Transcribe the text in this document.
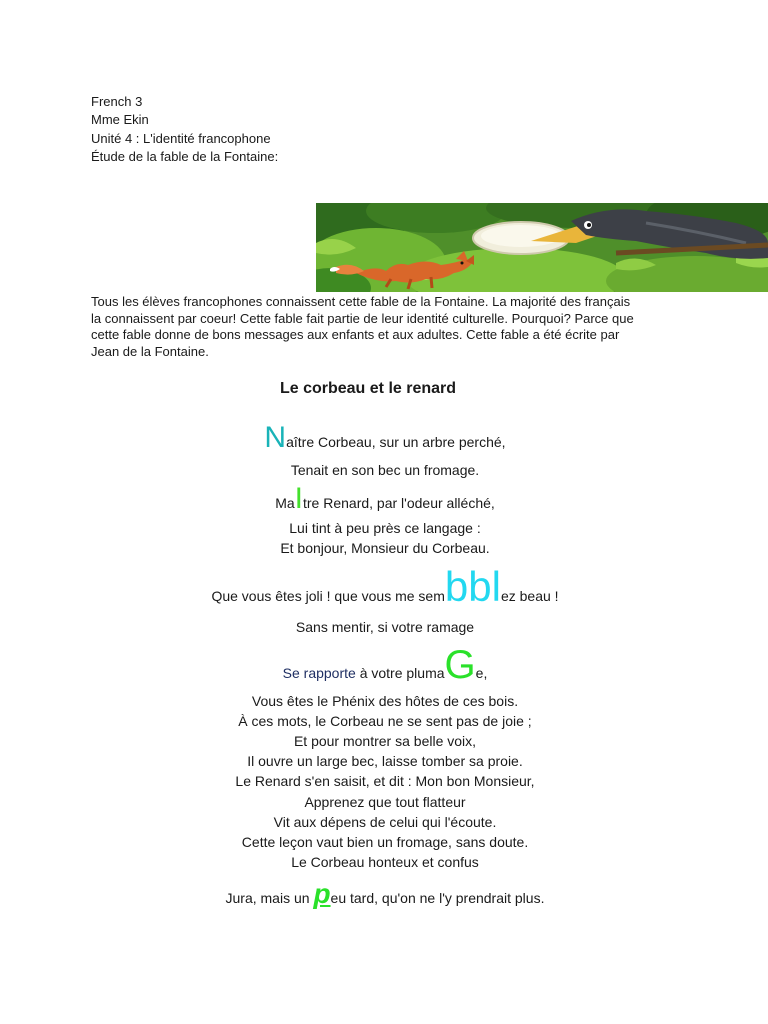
French 3
Mme Ekin
Unité 4 : L'identité francophone
Étude de la fable de la Fontaine:
Tous les élèves francophones connaissent cette fable de la Fontaine. La majorité des français
la connaissent par coeur! Cette fable fait partie de leur identité culturelle. Pourquoi? Parce que
cette fable donne de bons messages aux enfants et aux adultes. Cette fable a été écrite par
Jean de la Fontaine.
Le corbeau et le renard
Naître Corbeau, sur un arbre perché,
Tenait en son bec un fromage.
MaItre Renard, par l'odeur alléché,
Lui tint à peu près ce langage :
Et bonjour, Monsieur du Corbeau.
Que vous êtes joli ! que vous me sembblez beau !
Sans mentir, si votre ramage
Se rapporte à votre plumaGe,
Vous êtes le Phénix des hôtes de ces bois.
À ces mots, le Corbeau ne se sent pas de joie ;
Et pour montrer sa belle voix,
Il ouvre un large bec, laisse tomber sa proie.
Le Renard s'en saisit, et dit : Mon bon Monsieur,
Apprenez que tout flatteur
Vit aux dépens de celui qui l'écoute.
Cette leçon vaut bien un fromage, sans doute.
Le Corbeau honteux et confus
Jura, mais un peu tard, qu'on ne l'y prendrait plus.
